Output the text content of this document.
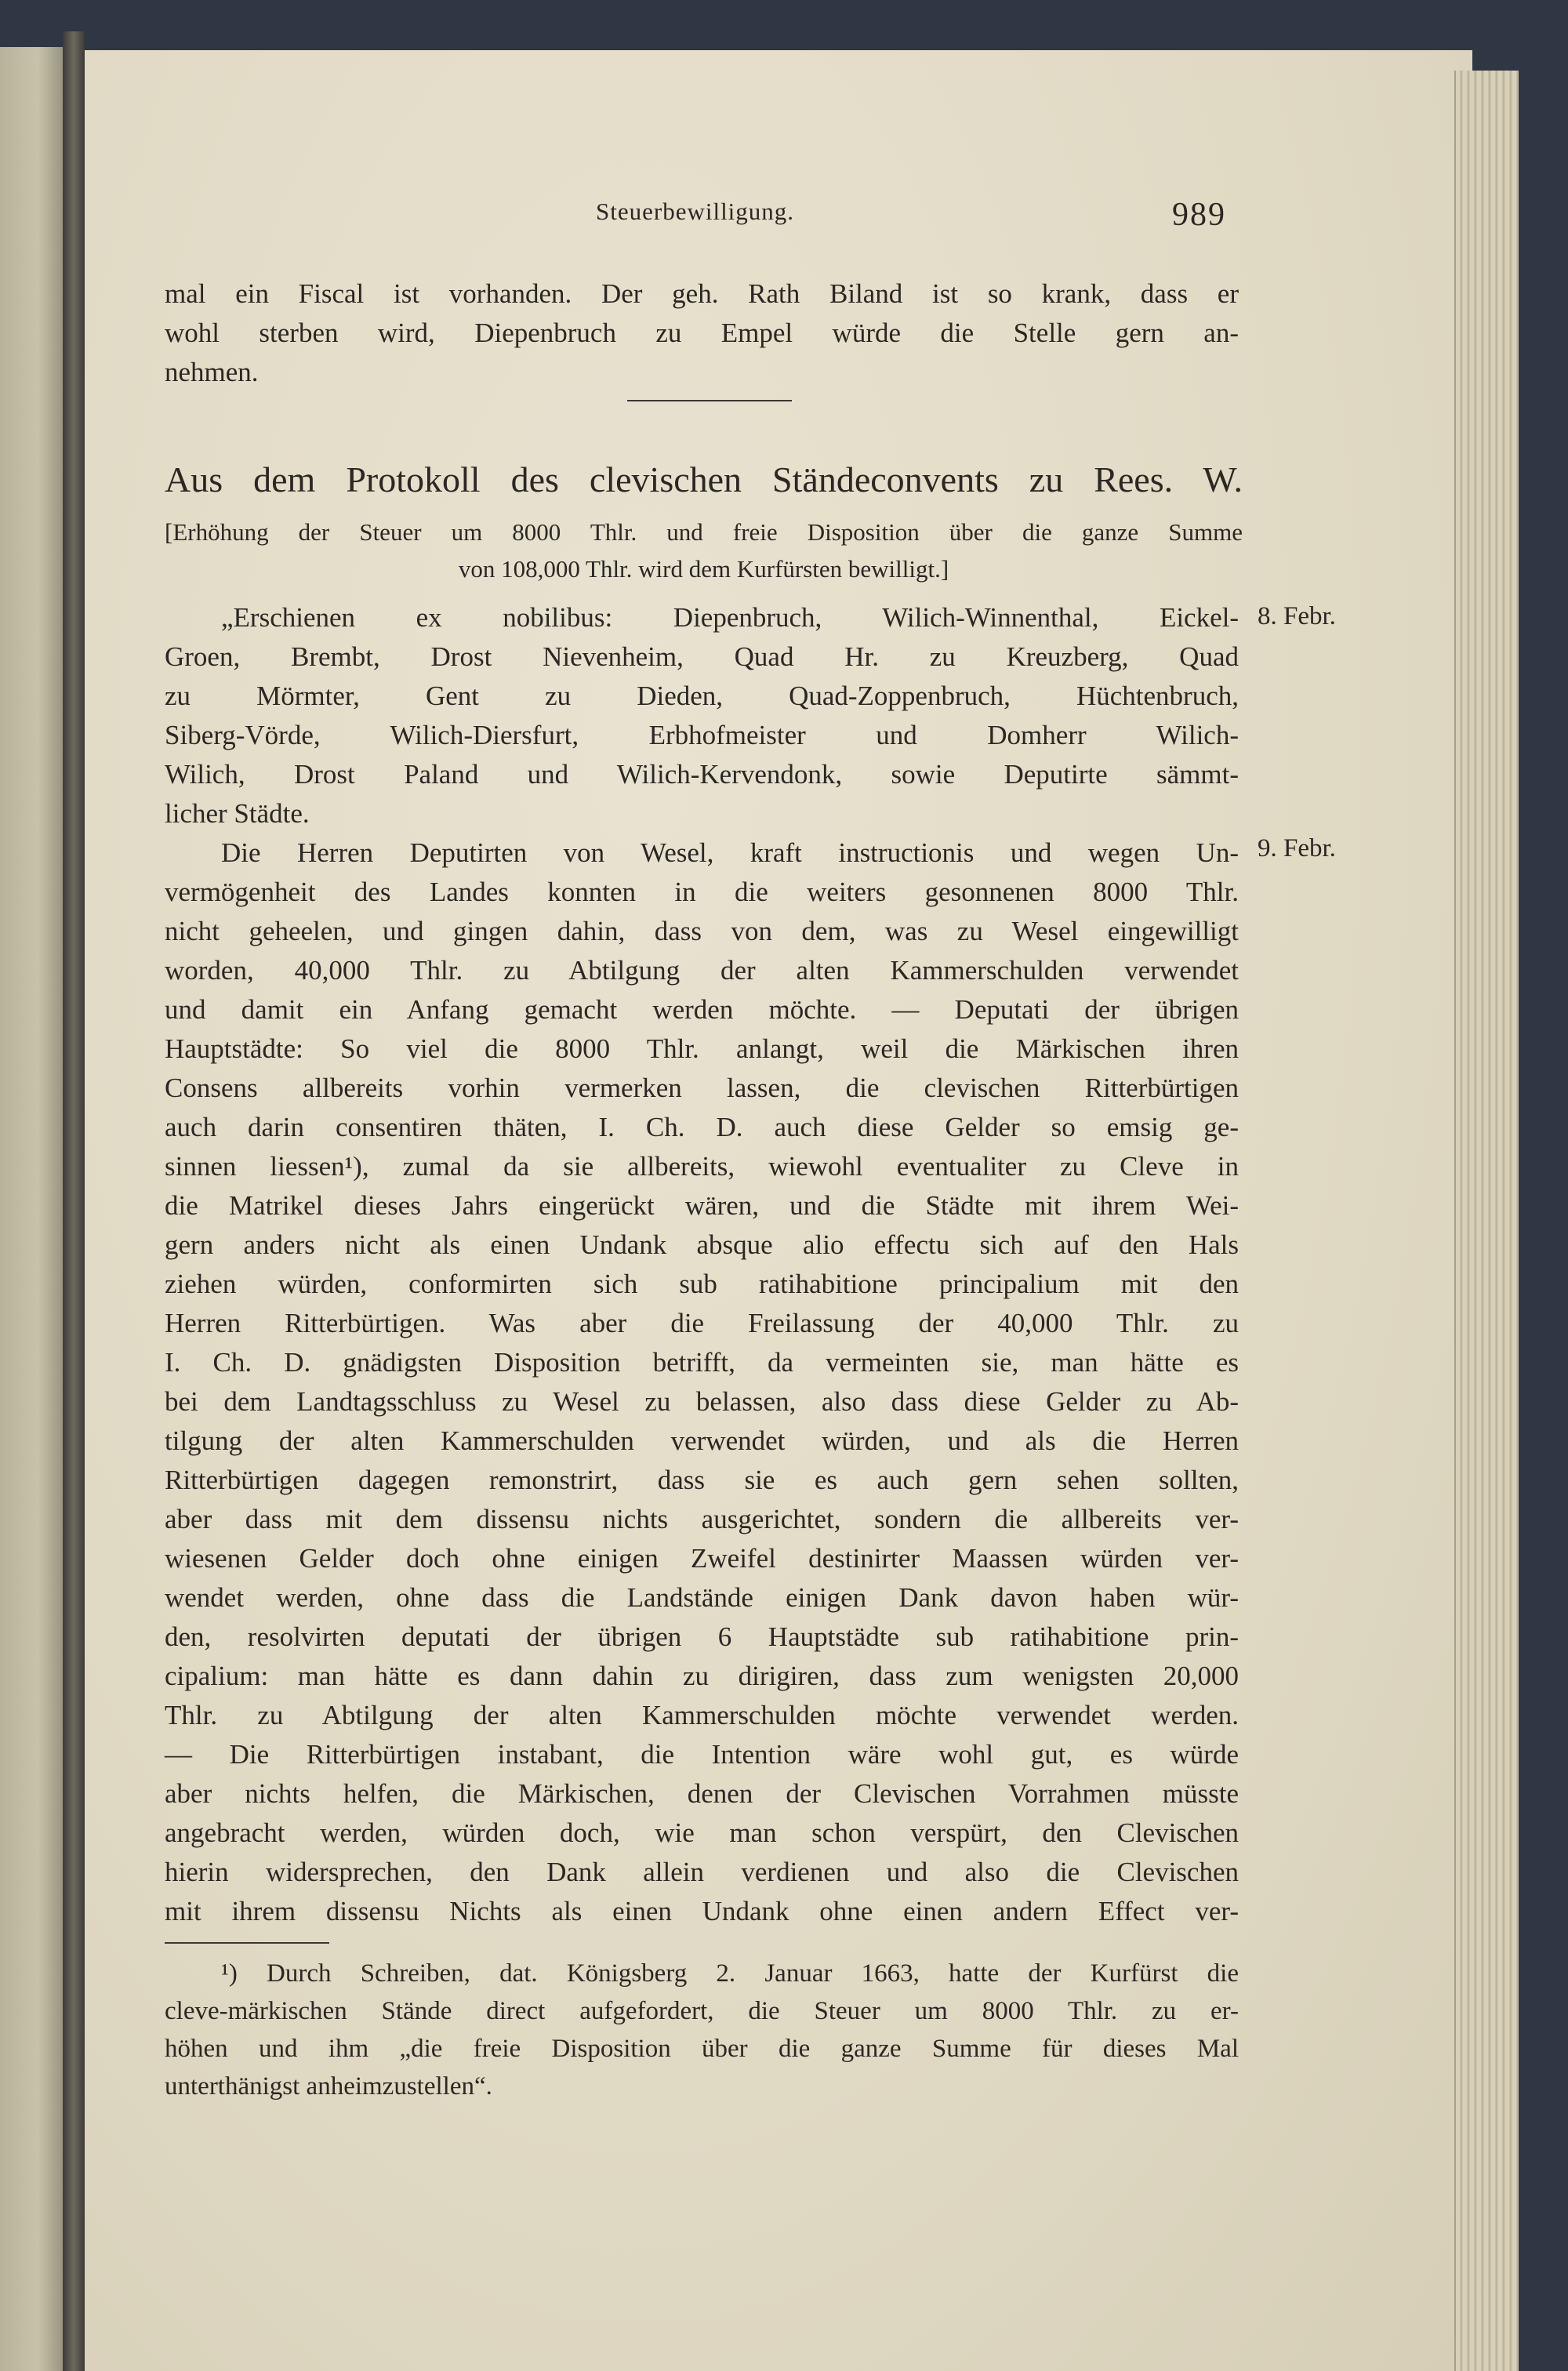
Steuerbewilligung.	989
mal ein Fiscal ist vorhanden. Der geh. Rath Biland ist so krank, dass er
wohl sterben wird, Diepenbruch zu Empel würde die Stelle gern an-
nehmen.
Aus dem Protokoll des clevischen Ständeconvents zu Rees. W.
[Erhöhung der Steuer um 8000 Thlr. und freie Disposition über die ganze Summe
von 108,000 Thlr. wird dem Kurfürsten bewilligt.]
8. Febr.
9. Febr.
„Erschienen ex nobilibus: Diepenbruch, Wilich-Winnenthal, Eickel-
Groen, Brembt, Drost Nievenheim, Quad Hr. zu Kreuzberg, Quad
zu Mörmter, Gent zu Dieden, Quad-Zoppenbruch, Hüchtenbruch,
Siberg-Vörde, Wilich-Diersfurt, Erbhofmeister und Domherr Wilich-
Wilich, Drost Paland und Wilich-Kervendonk, sowie Deputirte sämmt-
licher Städte.
Die Herren Deputirten von Wesel, kraft instructionis und wegen Un-
vermögenheit des Landes konnten in die weiters gesonnenen 8000 Thlr.
nicht geheelen, und gingen dahin, dass von dem, was zu Wesel eingewilligt
worden, 40,000 Thlr. zu Abtilgung der alten Kammerschulden verwendet
und damit ein Anfang gemacht werden möchte. — Deputati der übrigen
Hauptstädte: So viel die 8000 Thlr. anlangt, weil die Märkischen ihren
Consens allbereits vorhin vermerken lassen, die clevischen Ritterbürtigen
auch darin consentiren thäten, I. Ch. D. auch diese Gelder so emsig ge-
sinnen liessen¹), zumal da sie allbereits, wiewohl eventualiter zu Cleve in
die Matrikel dieses Jahrs eingerückt wären, und die Städte mit ihrem Wei-
gern anders nicht als einen Undank absque alio effectu sich auf den Hals
ziehen würden, conformirten sich sub ratihabitione principalium mit den
Herren Ritterbürtigen. Was aber die Freilassung der 40,000 Thlr. zu
I. Ch. D. gnädigsten Disposition betrifft, da vermeinten sie, man hätte es
bei dem Landtagsschluss zu Wesel zu belassen, also dass diese Gelder zu Ab-
tilgung der alten Kammerschulden verwendet würden, und als die Herren
Ritterbürtigen dagegen remonstrirt, dass sie es auch gern sehen sollten,
aber dass mit dem dissensu nichts ausgerichtet, sondern die allbereits ver-
wiesenen Gelder doch ohne einigen Zweifel destinirter Maassen würden ver-
wendet werden, ohne dass die Landstände einigen Dank davon haben wür-
den, resolvirten deputati der übrigen 6 Hauptstädte sub ratihabitione prin-
cipalium: man hätte es dann dahin zu dirigiren, dass zum wenigsten 20,000
Thlr. zu Abtilgung der alten Kammerschulden möchte verwendet werden.
— Die Ritterbürtigen instabant, die Intention wäre wohl gut, es würde
aber nichts helfen, die Märkischen, denen der Clevischen Vorrahmen müsste
angebracht werden, würden doch, wie man schon verspürt, den Clevischen
hierin widersprechen, den Dank allein verdienen und also die Clevischen
mit ihrem dissensu Nichts als einen Undank ohne einen andern Effect ver-
¹) Durch Schreiben, dat. Königsberg 2. Januar 1663, hatte der Kurfürst die
cleve-märkischen Stände direct aufgefordert, die Steuer um 8000 Thlr. zu er-
höhen und ihm „die freie Disposition über die ganze Summe für dieses Mal
unterthänigst anheimzustellen“.
